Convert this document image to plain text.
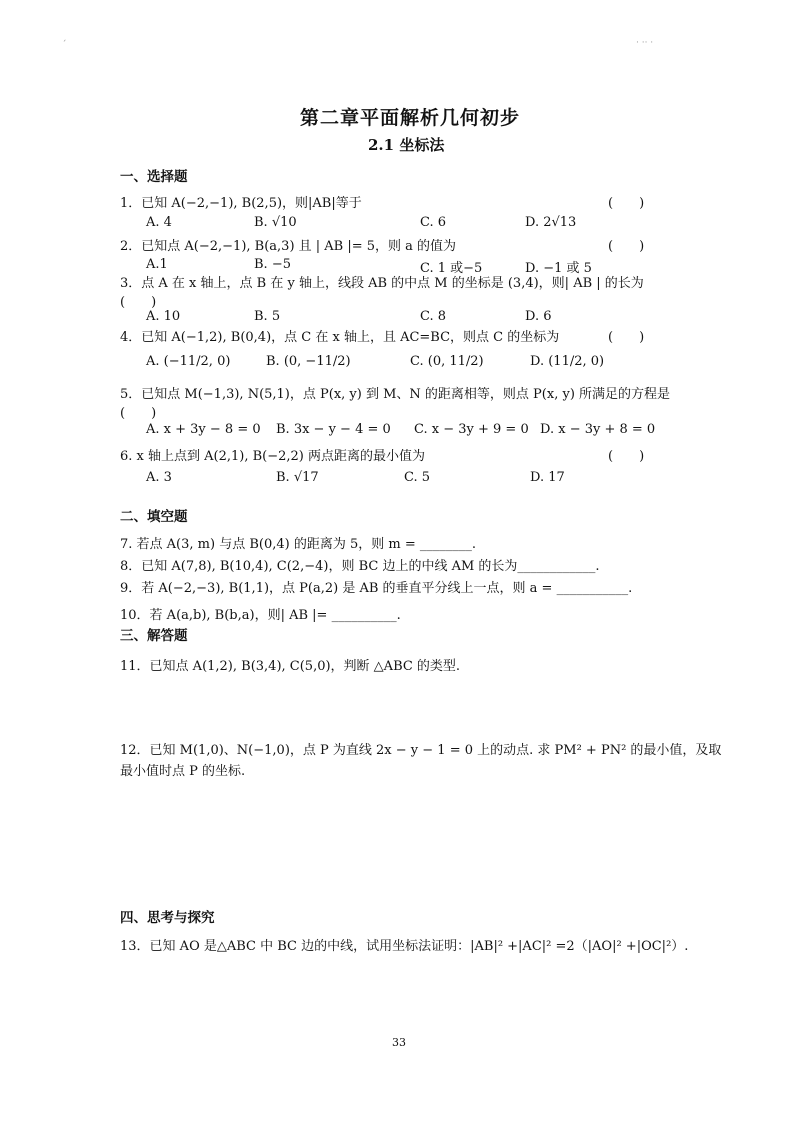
ˊ	· ·· ·
第二章平面解析几何初步
2.1 坐标法
一、选择题
1．已知 A(−2,−1), B(2,5)，则|AB|等于	(　　)
A. 4	B. √10	C. 6	D. 2√13
2．已知点 A(−2,−1), B(a,3) 且 | AB |= 5，则 a 的值为	(　　)
A.1	B. −5	C. 1 或−5	D. −1 或 5
3．点 A 在 x 轴上，点 B 在 y 轴上，线段 AB 的中点 M 的坐标是 (3,4)，则| AB | 的长为
(　　)
A. 10	B. 5	C. 8	D. 6
4．已知 A(−1,2), B(0,4)，点 C 在 x 轴上，且 AC=BC，则点 C 的坐标为	(　　)
A. (−11/2, 0)	B. (0, −11/2)	C. (0, 11/2)	D. (11/2, 0)
5．已知点 M(−1,3), N(5,1)，点 P(x, y) 到 M、N 的距离相等，则点 P(x, y) 所满足的方程是
(　　)
A. x + 3y − 8 = 0 B. 3x − y − 4 = 0 C. x − 3y + 9 = 0 D. x − 3y + 8 = 0
6. x 轴上点到 A(2,1), B(−2,2) 两点距离的最小值为	(　　)
A. 3	B. √17	C. 5	D. 17
二、填空题
7. 若点 A(3, m) 与点 B(0,4) 的距离为 5，则 m = ________.
8．已知 A(7,8), B(10,4), C(2,−4)，则 BC 边上的中线 AM 的长为____________.
9．若 A(−2,−3), B(1,1)，点 P(a,2) 是 AB 的垂直平分线上一点，则 a = ___________.
10．若 A(a,b), B(b,a)，则| AB |= __________.
三、解答题
11．已知点 A(1,2), B(3,4), C(5,0)，判断 △ABC 的类型.
12．已知 M(1,0)、N(−1,0)，点 P 为直线 2x − y − 1 = 0 上的动点. 求 PM² + PN² 的最小值，及取
最小值时点 P 的坐标.
四、思考与探究
13．已知 AO 是△ABC 中 BC 边的中线，试用坐标法证明：|AB|² +|AC|² =2（|AO|² +|OC|²）.
33
